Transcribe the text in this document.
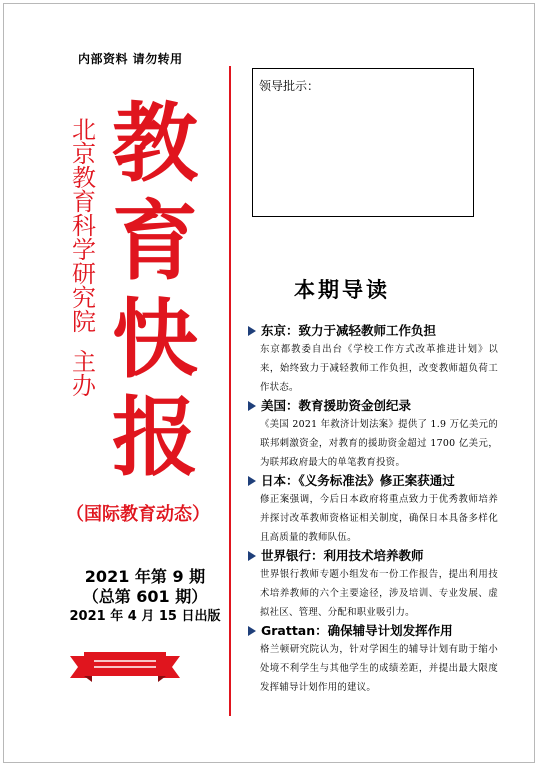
内部资料 请勿转用
北
京
教
育
科
学
研
究
院
主
办
教
育
快
报
（国际教育动态）
2021 年第 9 期
（总第 601 期）
2021 年 4 月 15 日出版
领导批示：
本期导读
东京：致力于减轻教师工作负担
东京都教委自出台《学校工作方式改革推进计划》以来，始终致力于减轻教师工作负担，改变教师超负荷工作状态。
美国：教育援助资金创纪录
《美国 2021 年救济计划法案》提供了 1.9 万亿美元的联邦刺激资金，对教育的援助资金超过 1700 亿美元，为联邦政府最大的单笔教育投资。
日本：《义务标准法》修正案获通过
修正案强调，今后日本政府将重点致力于优秀教师培养并探讨改革教师资格证相关制度，确保日本具备多样化且高质量的教师队伍。
世界银行：利用技术培养教师
世界银行教师专题小组发布一份工作报告，提出利用技术培养教师的六个主要途径，涉及培训、专业发展、虚拟社区、管理、分配和职业吸引力。
Grattan：确保辅导计划发挥作用
格兰顿研究院认为，针对学困生的辅导计划有助于缩小处境不利学生与其他学生的成绩差距，并提出最大限度发挥辅导计划作用的建议。
